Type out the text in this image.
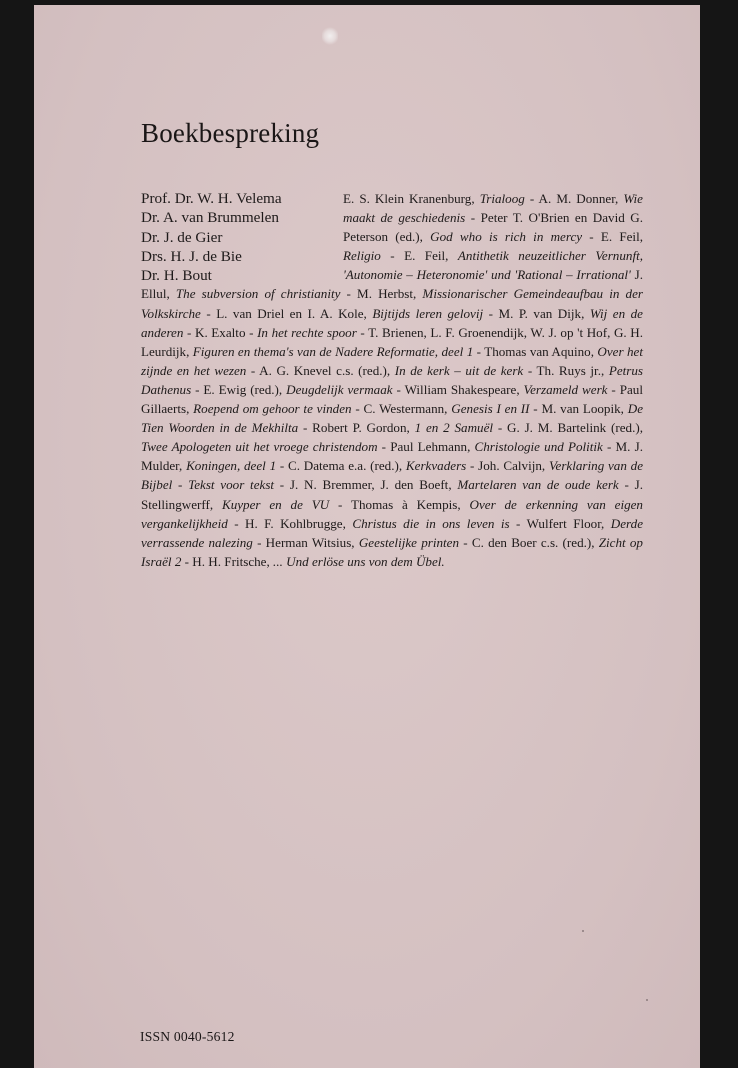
Boekbespreking
Prof. Dr. W. H. Velema
Dr. A. van Brummelen
Dr. J. de Gier
Drs. H. J. de Bie
Dr. H. Bout
E. S. Klein Kranenburg, Trialoog - A. M. Donner, Wie maakt de geschiedenis - Peter T. O'Brien en David G. Peterson (ed.), God who is rich in mercy - E. Feil, Religio - E. Feil, Antithetik neuzeitlicher Vernunft, 'Autonomie – Heteronomie' und 'Rational – Irrational' J. Ellul, The subversion of christianity - M. Herbst, Missionarischer Gemeindeaufbau in der Volkskirche - L. van Driel en I. A. Kole, Bijtijds leren gelovij - M. P. van Dijk, Wij en de anderen - K. Exalto - In het rechte spoor - T. Brienen, L. F. Groenendijk, W. J. op 't Hof, G. H. Leurdijk, Figuren en thema's van de Nadere Reformatie, deel 1 - Thomas van Aquino, Over het zijnde en het wezen - A. G. Knevel c.s. (red.), In de kerk – uit de kerk - Th. Ruys jr., Petrus Dathenus - E. Ewig (red.), Deugdelijk vermaak - William Shakespeare, Verzameld werk - Paul Gillaerts, Roepend om gehoor te vinden - C. Westermann, Genesis I en II - M. van Loopik, De Tien Woorden in de Mekhilta - Robert P. Gordon, 1 en 2 Samuël - G. J. M. Bartelink (red.), Twee Apologeten uit het vroege christendom - Paul Lehmann, Christologie und Politik - M. J. Mulder, Koningen, deel 1 - C. Datema e.a. (red.), Kerkvaders - Joh. Calvijn, Verklaring van de Bijbel - Tekst voor tekst - J. N. Bremmer, J. den Boeft, Martelaren van de oude kerk - J. Stellingwerff, Kuyper en de VU - Thomas à Kempis, Over de erkenning van eigen vergankelijkheid - H. F. Kohlbrugge, Christus die in ons leven is - Wulfert Floor, Derde verrassende nalezing - Herman Witsius, Geestelijke printen - C. den Boer c.s. (red.), Zicht op Israël 2 - H. H. Fritsche, ... Und erlöse uns von dem Übel.

ISSN 0040-5612
